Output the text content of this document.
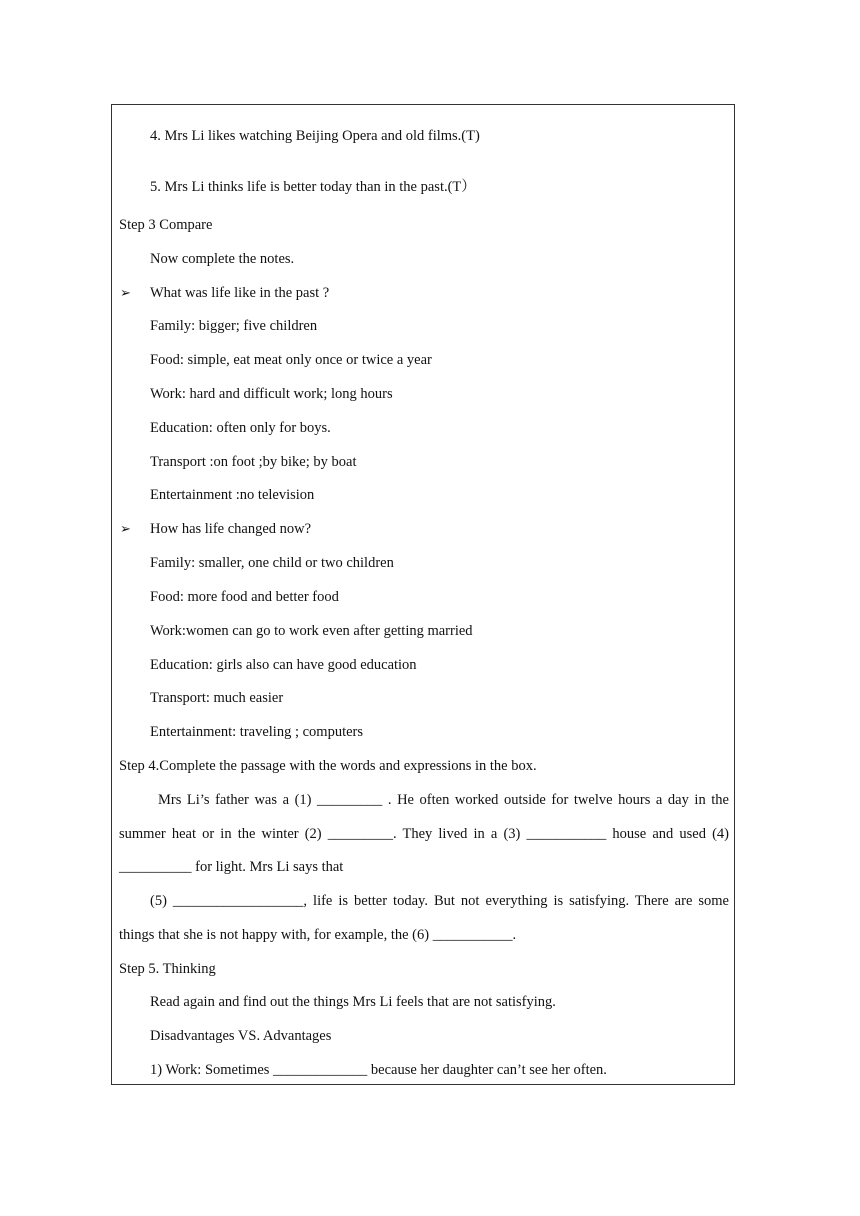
4. Mrs Li likes watching Beijing Opera and old films.(T)
5. Mrs Li thinks life is better today than in the past.(T）
Step 3 Compare
Now complete the notes.
➢ What was life like in the past ?
Family: bigger; five children
Food: simple, eat meat only once or twice a year
Work: hard and difficult work; long hours
Education: often only for boys.
Transport :on foot ;by bike; by boat
Entertainment :no television
➢ How has life changed now?
Family: smaller, one child or two children
Food: more food and better food
Work:women can go to work even after getting married
Education: girls also can have good education
Transport: much easier
Entertainment: traveling ; computers
Step 4.Complete the passage with the words and expressions in the box.
Mrs Li’s father was a (1) _________ . He often worked outside for twelve hours a day in the
summer heat or in the winter (2) _________. They lived in a (3) ___________ house and used (4)
__________ for light. Mrs Li says that
(5) __________________, life is better today. But not everything is satisfying. There are some
things that she is not happy with, for example, the (6) ___________.
Step 5. Thinking
Read again and find out the things Mrs Li feels that are not satisfying.
Disadvantages VS. Advantages
1) Work: Sometimes _____________ because her daughter can’t see her often.
